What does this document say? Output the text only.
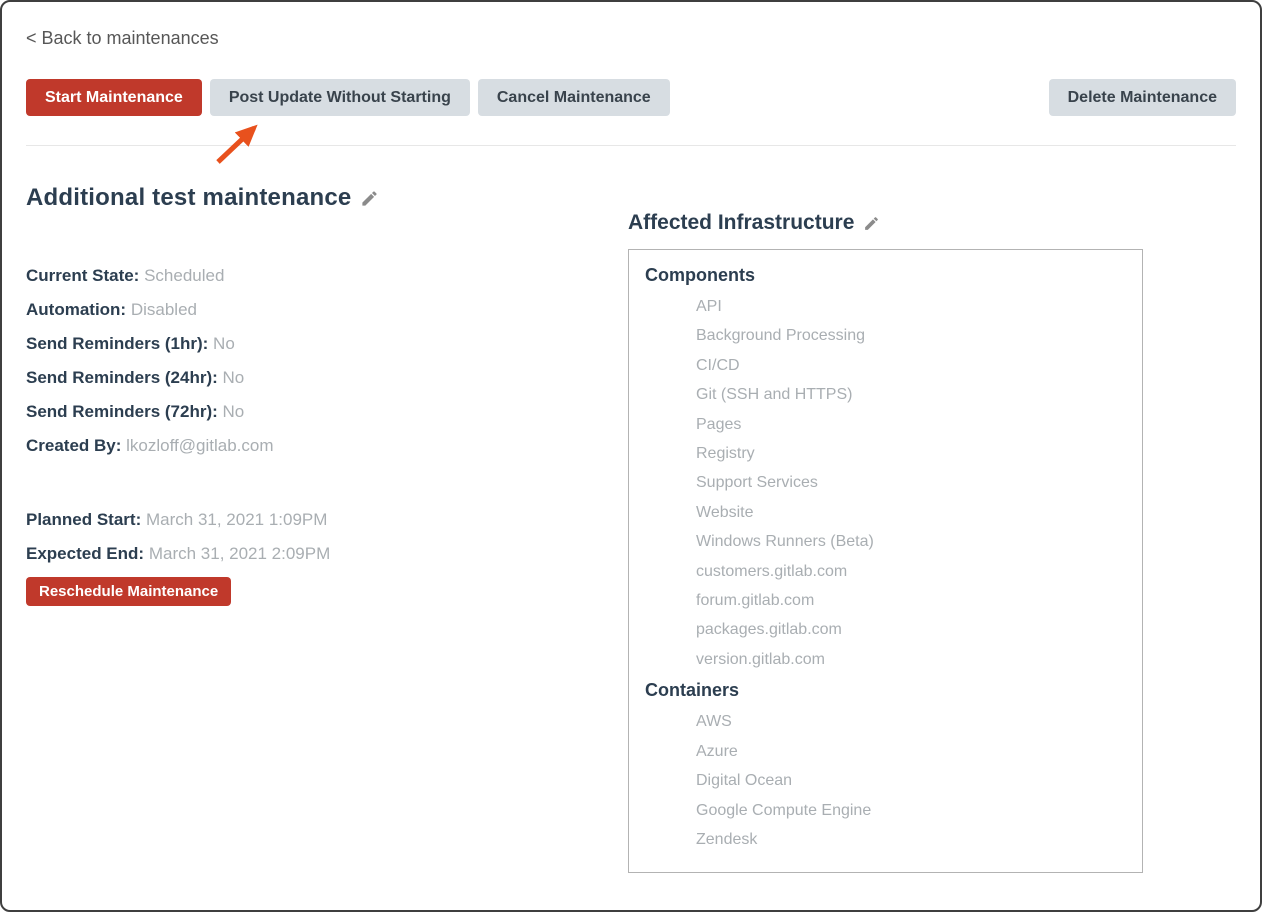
< Back to maintenances
Start Maintenance	Post Update Without Starting	Cancel Maintenance	Delete Maintenance
Additional test maintenance
Current State: Scheduled
Automation: Disabled
Send Reminders (1hr): No
Send Reminders (24hr): No
Send Reminders (72hr): No
Created By: lkozloff@gitlab.com
Planned Start: March 31, 2021 1:09PM
Expected End: March 31, 2021 2:09PM
Reschedule Maintenance
Affected Infrastructure
Components
API
Background Processing
CI/CD
Git (SSH and HTTPS)
Pages
Registry
Support Services
Website
Windows Runners (Beta)
customers.gitlab.com
forum.gitlab.com
packages.gitlab.com
version.gitlab.com
Containers
AWS
Azure
Digital Ocean
Google Compute Engine
Zendesk
